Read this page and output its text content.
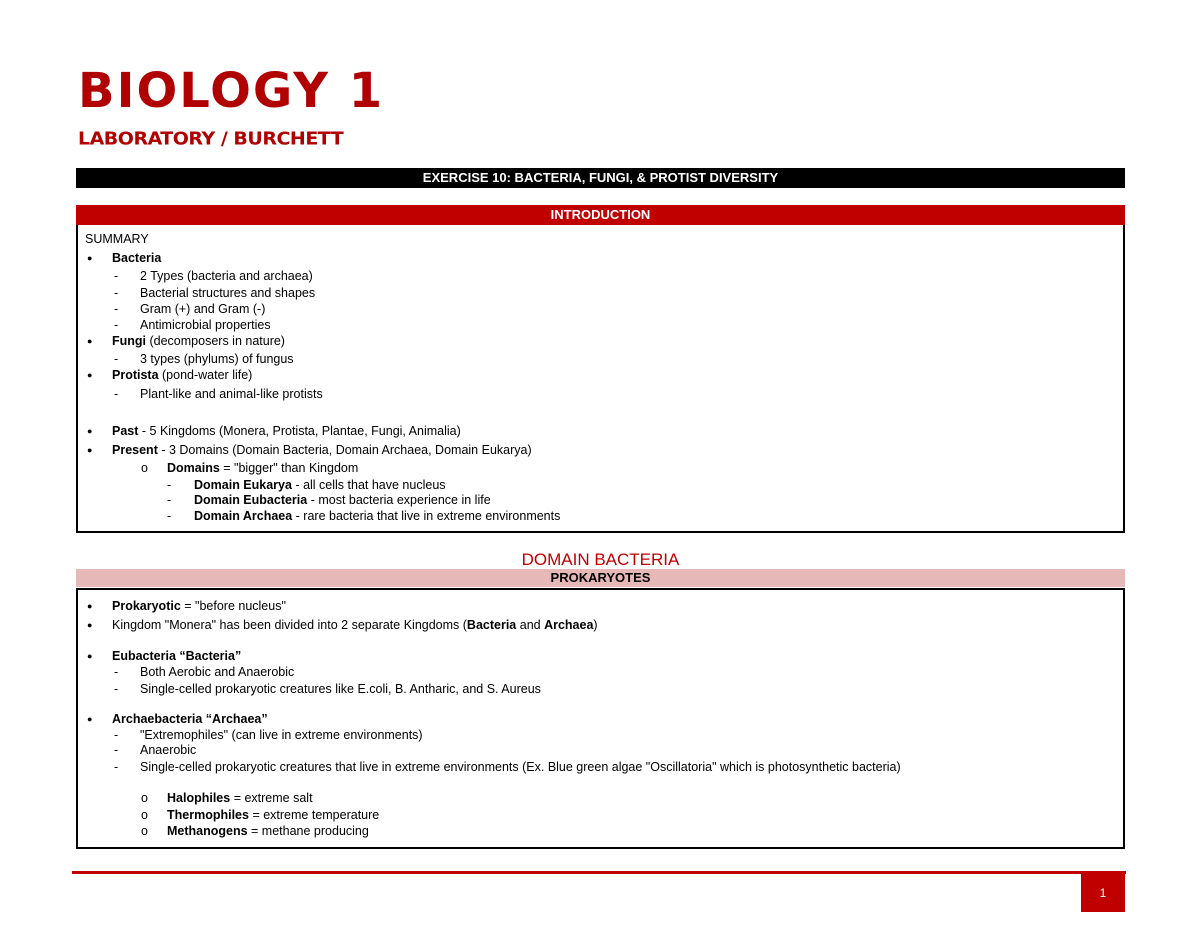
BIOLOGY 1
LABORATORY / BURCHETT
EXERCISE 10: BACTERIA, FUNGI, & PROTIST DIVERSITY
INTRODUCTION
SUMMARY
● Bacteria
- 2 Types (bacteria and archaea)
- Bacterial structures and shapes
- Gram (+) and Gram (-)
- Antimicrobial properties
● Fungi (decomposers in nature)
- 3 types (phylums) of fungus
● Protista (pond-water life)
- Plant-like and animal-like protists
● Past - 5 Kingdoms (Monera, Protista, Plantae, Fungi, Animalia)
● Present - 3 Domains (Domain Bacteria, Domain Archaea, Domain Eukarya)
o Domains = "bigger" than Kingdom
- Domain Eukarya - all cells that have nucleus
- Domain Eubacteria - most bacteria experience in life
- Domain Archaea - rare bacteria that live in extreme environments
DOMAIN BACTERIA
PROKARYOTES
● Prokaryotic = "before nucleus"
● Kingdom "Monera" has been divided into 2 separate Kingdoms (Bacteria and Archaea)
● Eubacteria “Bacteria”
- Both Aerobic and Anaerobic
- Single-celled prokaryotic creatures like E.coli, B. Antharic, and S. Aureus
● Archaebacteria “Archaea”
- "Extremophiles" (can live in extreme environments)
- Anaerobic
- Single-celled prokaryotic creatures that live in extreme environments (Ex. Blue green algae "Oscillatoria" which is photosynthetic bacteria)
o Halophiles = extreme salt
o Thermophiles = extreme temperature
o Methanogens = methane producing
1
